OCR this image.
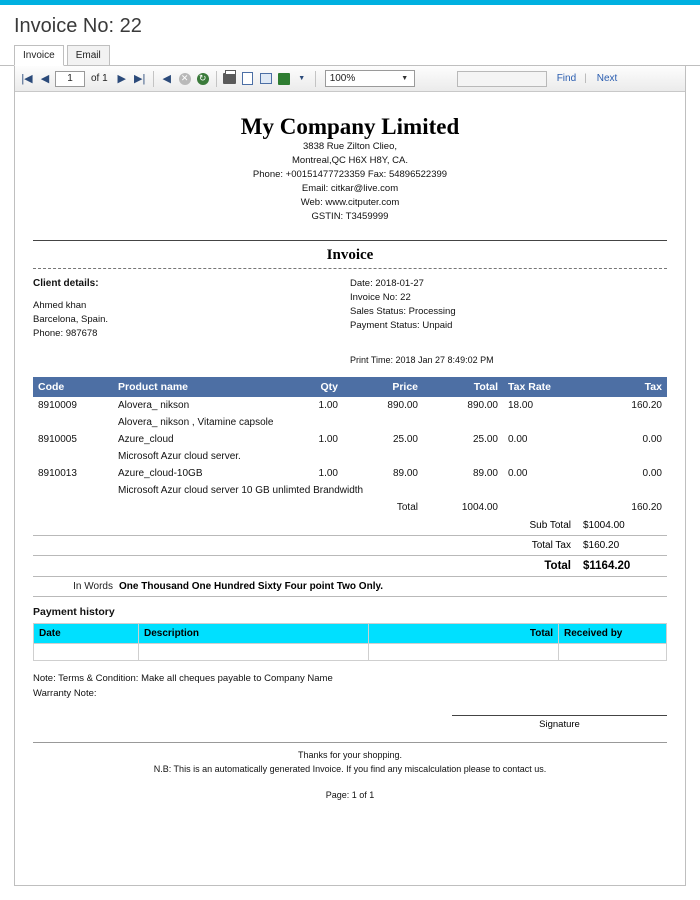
Invoice No: 22
Invoice	Email
|◀ ◀	1	of 1 ▶ ▶|	◀	✕ ↻	▼	100%	▼	Find | Next
My Company Limited
3838 Rue Zilton Clieo,
Montreal,QC H6X H8Y, CA.
Phone: +00151477723359 Fax: 54896522399
Email: citkar@live.com
Web: www.citputer.com
GSTIN: T3459999
Invoice
Client details:
Ahmed khan
Barcelona, Spain.
Phone: 987678
Date: 2018-01-27
Invoice No: 22
Sales Status: Processing
Payment Status: Unpaid
Print Time: 2018 Jan 27 8:49:02 PM
Code	Product name	Qty	Price	Total	Tax Rate	Tax
8910009	Alovera_ nikson	1.00	890.00	890.00	18.00	160.20
	Alovera_ nikson , Vitamine capsole					
8910005	Azure_cloud	1.00	25.00	25.00	0.00	0.00
	Microsoft Azur cloud server.					
8910013	Azure_cloud-10GB	1.00	89.00	89.00	0.00	0.00
	Microsoft Azur cloud server 10 GB unlimted Brandwidth					
			Total	1004.00		160.20
Sub Total	$1004.00
Total Tax	$160.20
Total	$1164.20
In Words One Thousand One Hundred Sixty Four point Two Only.
Payment history
Date	Description	Total	Received by

Note: Terms & Condition: Make all cheques payable to Company Name
Warranty Note:
Signature
Thanks for your shopping.
N.B: This is an automatically generated Invoice. If you find any miscalculation please to contact us.
Page: 1 of 1
